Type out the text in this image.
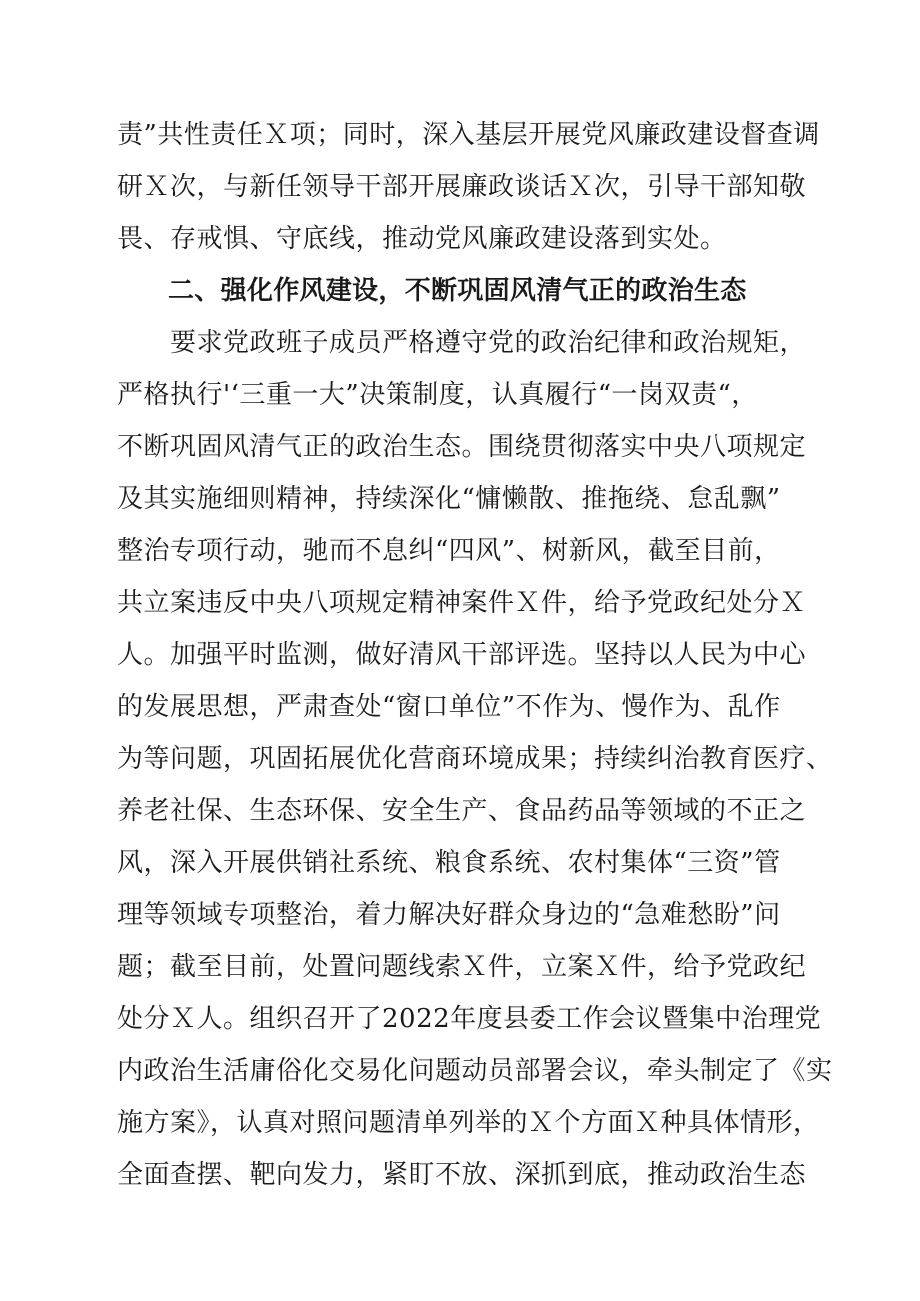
责”共性责任Ｘ项；同时，深入基层开展党风廉政建设督查调
研Ｘ次，与新任领导干部开展廉政谈话Ｘ次，引导干部知敬
畏、存戒惧、守底线，推动党风廉政建设落到实处。
二、强化作风建设，不断巩固风清气正的政治生态
要求党政班子成员严格遵守党的政治纪律和政治规矩，
严格执行'‘三重一大”决策制度，认真履行“一岗双责“，
不断巩固风清气正的政治生态。围绕贯彻落实中央八项规定
及其实施细则精神，持续深化“慵懒散、推拖绕、怠乱飘”
整治专项行动，驰而不息纠“四风”、树新风，截至目前，
共立案违反中央八项规定精神案件Ｘ件，给予党政纪处分Ｘ
人。加强平时监测，做好清风干部评选。坚持以人民为中心
的发展思想，严肃查处“窗口单位”不作为、慢作为、乱作
为等问题，巩固拓展优化营商环境成果；持续纠治教育医疗、
养老社保、生态环保、安全生产、食品药品等领域的不正之
风，深入开展供销社系统、粮食系统、农村集体“三资”管
理等领域专项整治，着力解决好群众身边的“急难愁盼”问
题；截至目前，处置问题线索Ｘ件，立案Ｘ件，给予党政纪
处分Ｘ人。组织召开了2022年度县委工作会议暨集中治理党
内政治生活庸俗化交易化问题动员部署会议，牵头制定了《实
施方案》，认真对照问题清单列举的Ｘ个方面Ｘ种具体情形，
全面查摆、靶向发力，紧盯不放、深抓到底，推动政治生态
